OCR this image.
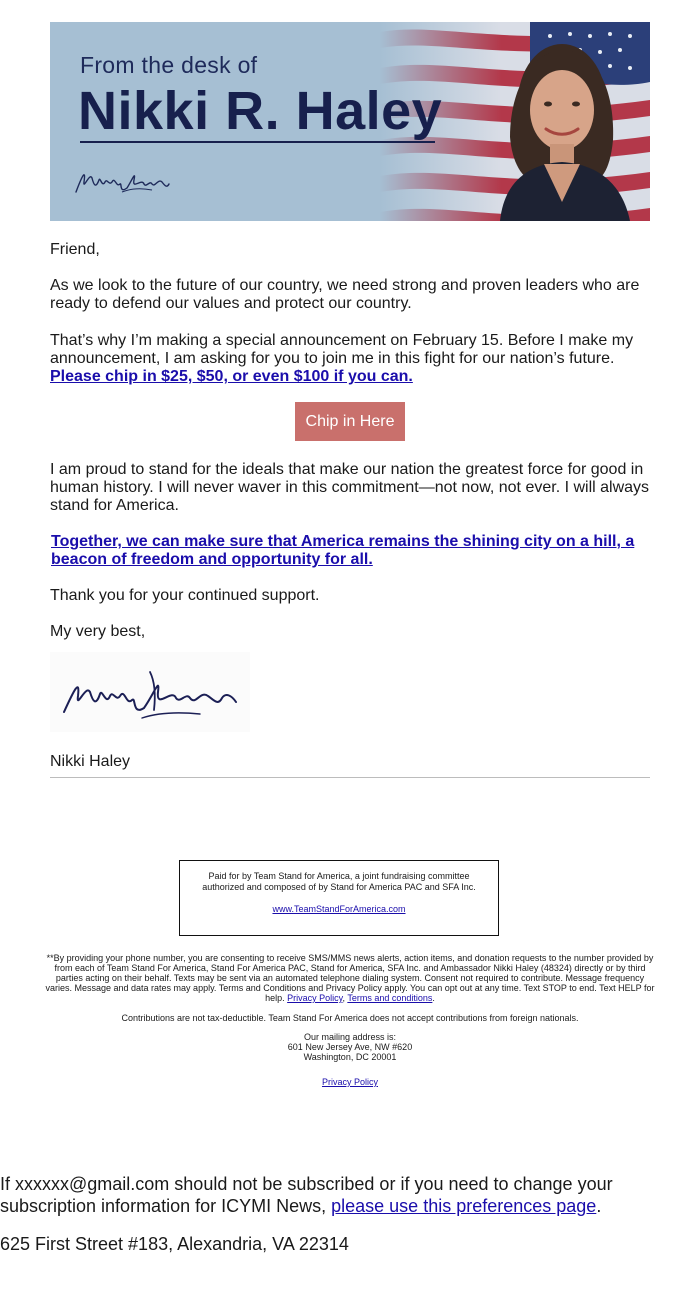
From the desk of
Nikki R. Haley

Friend,

As we look to the future of our country, we need strong and proven leaders who are ready to defend our values and protect our country.

That’s why I’m making a special announcement on February 15. Before I make my announcement, I am asking for you to join me in this fight for our nation’s future. Please chip in $25, $50, or even $100 if you can.

Chip in Here

I am proud to stand for the ideals that make our nation the greatest force for good in human history. I will never waver in this commitment—not now, not ever. I will always stand for America.

Together, we can make sure that America remains the shining city on a hill, a beacon of freedom and opportunity for all.

Thank you for your continued support.

My very best,

Nikki Haley

Paid for by Team Stand for America, a joint fundraising committee authorized and composed of by Stand for America PAC and SFA Inc.
www.TeamStandForAmerica.com

**By providing your phone number, you are consenting to receive SMS/MMS news alerts, action items, and donation requests to the number provided by from each of Team Stand For America, Stand For America PAC, Stand for America, SFA Inc. and Ambassador Nikki Haley (48324) directly or by third parties acting on their behalf. Texts may be sent via an automated telephone dialing system. Consent not required to contribute. Message frequency varies. Message and data rates may apply. Terms and Conditions and Privacy Policy apply. You can opt out at any time. Text STOP to end. Text HELP for help. Privacy Policy, Terms and conditions.

Contributions are not tax-deductible. Team Stand For America does not accept contributions from foreign nationals.

Our mailing address is:
601 New Jersey Ave, NW #620
Washington, DC 20001

Privacy Policy

If xxxxxx@gmail.com should not be subscribed or if you need to change your subscription information for ICYMI News, please use this preferences page.

625 First Street #183, Alexandria, VA 22314
